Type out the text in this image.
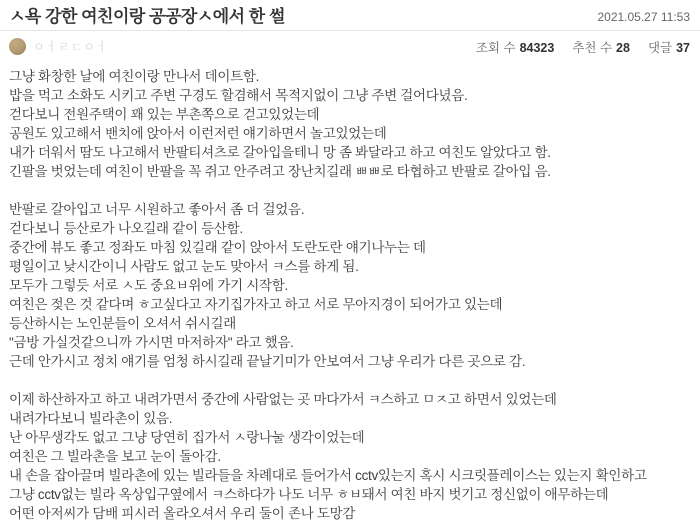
ㅅ욕 강한 여친이랑 공공장ㅅ에서 한 썰	2021.05.27 11:53
ㅇㅓㄹㄷㅇㅓ	조회 수 84323 추천 수 28 댓글 37
그냥 화창한 날에 여친이랑 만나서 데이트함.
밥을 먹고 소화도 시키고 주변 구경도 할겸해서 목적지없이 그냥 주변 걸어다녔음.
걷다보니 전원주택이 꽤 있는 부촌쪽으로 걷고있었는데
공원도 있고해서 밴치에 앉아서 이런저런 얘기하면서 놀고있었는데
내가 더워서 땀도 나고해서 반팔티셔츠로 갈아입을테니 망 좀 봐달라고 하고 여친도 알았다고 함.
긴팔을 벗었는데 여친이 반팔을 꼭 쥐고 안주려고 장난치길래 ㅃㅃ로 타협하고 반팔로 갈아입 음.
반팔로 갈아입고 너무 시원하고 좋아서 좀 더 걸었음.
걷다보니 등산로가 나오길래 같이 등산함.
중간에 뷰도 좋고 정좌도 마침 있길래 같이 앉아서 도란도란 얘기나누는 데
평일이고 낮시간이니 사람도 없고 눈도 맞아서 ㅋ스를 하게 됨.
모두가 그렇듯 서로 ㅅ도 중요ㅂ위에 가기 시작함.
여친은 젖은 것 같다며 ㅎ고싶다고 자기집가자고 하고 서로 무아지경이 되어가고 있는데
등산하시는 노인분들이 오셔서 쉬시길래
"금방 가실것같으니까 가시면 마저하자" 라고 했음.
근데 안가시고 정치 얘기를 엄청 하시길래 끝날기미가 안보여서 그냥 우리가 다른 곳으로 감.
이제 하산하자고 하고 내려가면서 중간에 사람없는 곳 마다가서 ㅋ스하고 ㅁㅈ고 하면서 있었는데
내려가다보니 빌라촌이 있음.
난 아무생각도 없고 그냥 당연히 집가서 ㅅ랑나눌 생각이었는데
여친은 그 빌라촌을 보고 눈이 돌아감.
내 손을 잡아끌며 빌라촌에 있는 빌라들을 차례대로 들어가서 cctv있는지 혹시 시크릿플레이스는 있는지 확인하고
그냥 cctv없는 빌라 옥상입구옆에서 ㅋ스하다가 나도 너무 ㅎㅂ돼서 여친 바지 벗기고 정신없이 애무하는데
어떤 아저씨가 담배 피시러 올라오셔서 우리 둘이 존나 도망감
